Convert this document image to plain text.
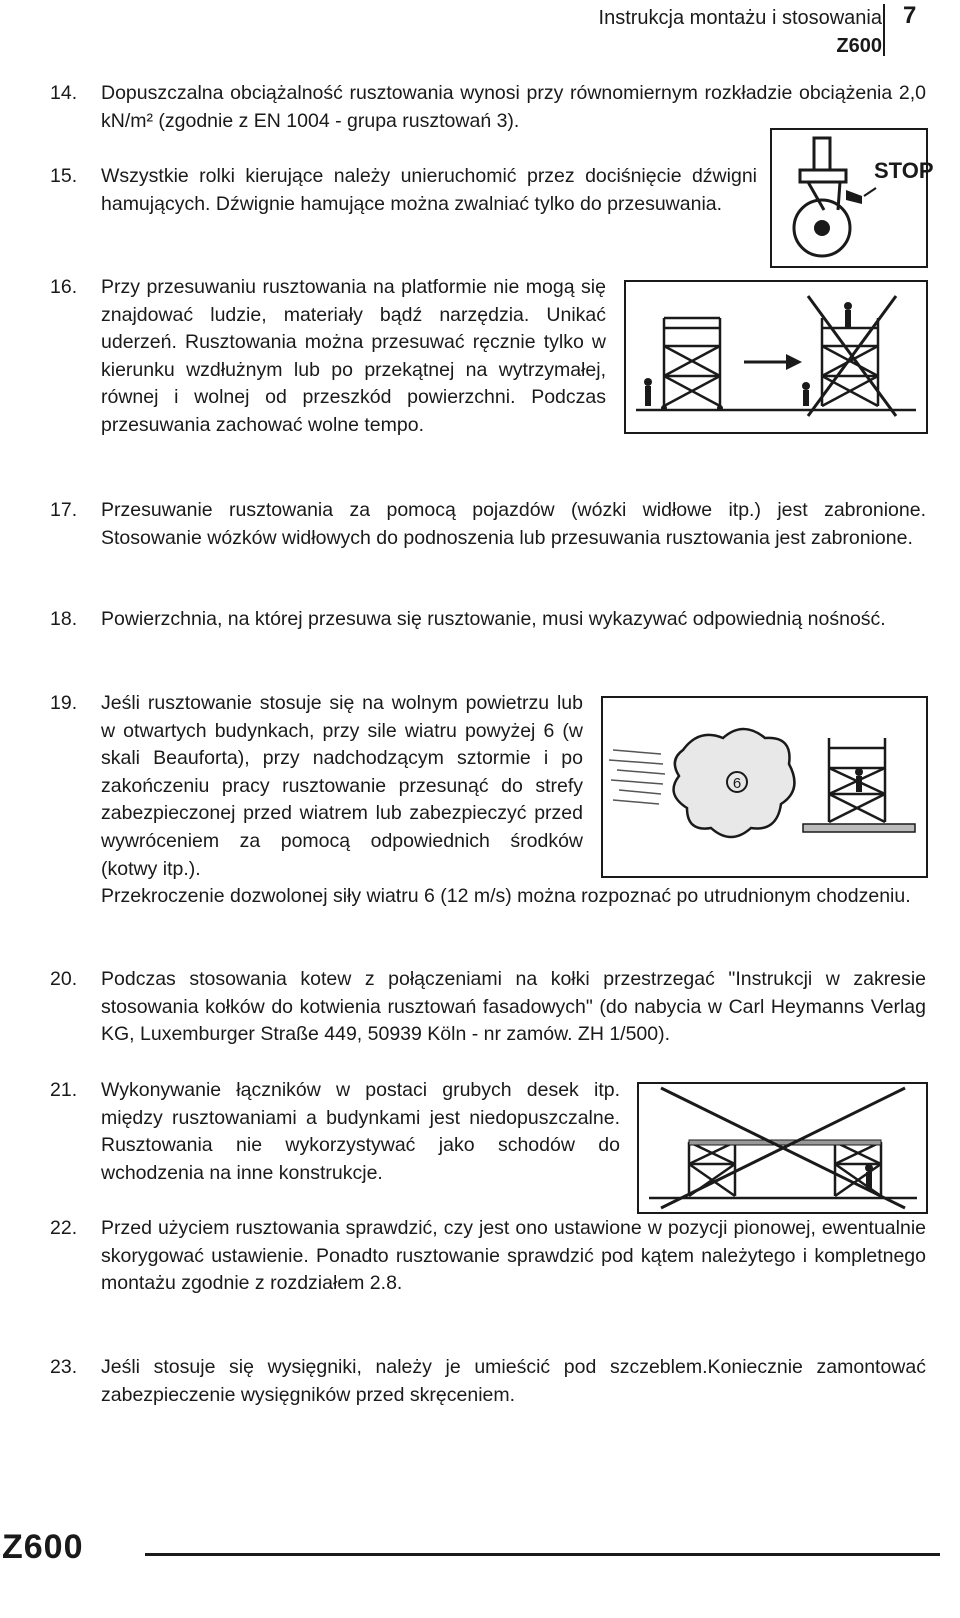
Instrukcja montażu i stosowania
Z600
7
14. Dopuszczalna obciążalność rusztowania wynosi przy równomiernym rozkładzie obciążenia 2,0 kN/m² (zgodnie z EN 1004 - grupa rusztowań 3).
15. Wszystkie rolki kierujące należy unieruchomić przez dociśnięcie dźwigni hamujących. Dźwignie hamujące można zwalniać tylko do przesuwania.
STOP
16. Przy przesuwaniu rusztowania na platformie nie mogą się znajdować ludzie, materiały bądź narzędzia. Unikać uderzeń. Rusztowania można przesuwać ręcznie tylko w kierunku wzdłużnym lub po przekątnej na wytrzymałej, równej i wolnej od przeszkód powierzchni. Podczas przesuwania zachować wolne tempo.
17. Przesuwanie rusztowania za pomocą pojazdów (wózki widłowe itp.) jest zabronione. Stosowanie wózków widłowych do podnoszenia lub przesuwania rusztowania jest zabronione.
18. Powierzchnia, na której przesuwa się rusztowanie, musi wykazywać odpowiednią nośność.
19. Jeśli rusztowanie stosuje się na wolnym powietrzu lub w otwartych budynkach, przy sile wiatru powyżej 6 (w skali Beauforta), przy nadchodzącym sztormie i po zakończeniu pracy rusztowanie przesunąć do strefy zabezpieczonej przed wiatrem lub zabezpieczyć przed wywróceniem za pomocą odpowiednich środków (kotwy itp.).
Przekroczenie dozwolonej siły wiatru 6 (12 m/s) można rozpoznać po utrudnionym chodzeniu.
6
20. Podczas stosowania kotew z połączeniami na kołki przestrzegać "Instrukcji w zakresie stosowania kołków do kotwienia rusztowań fasadowych" (do nabycia w Carl Heymanns Verlag KG, Luxemburger Straße 449, 50939 Köln - nr zamów. ZH 1/500).
21. Wykonywanie łączników w postaci grubych desek itp. między rusztowaniami a budynkami jest niedopuszczalne. Rusztowania nie wykorzystywać jako schodów do wchodzenia na inne konstrukcje.
22. Przed użyciem rusztowania sprawdzić, czy jest ono ustawione w pozycji pionowej, ewentualnie skorygować ustawienie. Ponadto rusztowanie sprawdzić pod kątem należytego i kompletnego montażu zgodnie z rozdziałem 2.8.
23. Jeśli stosuje się wysięgniki, należy je umieścić pod szczeblem.Koniecznie zamontować zabezpieczenie wysięgników przed skręceniem.
Z600
